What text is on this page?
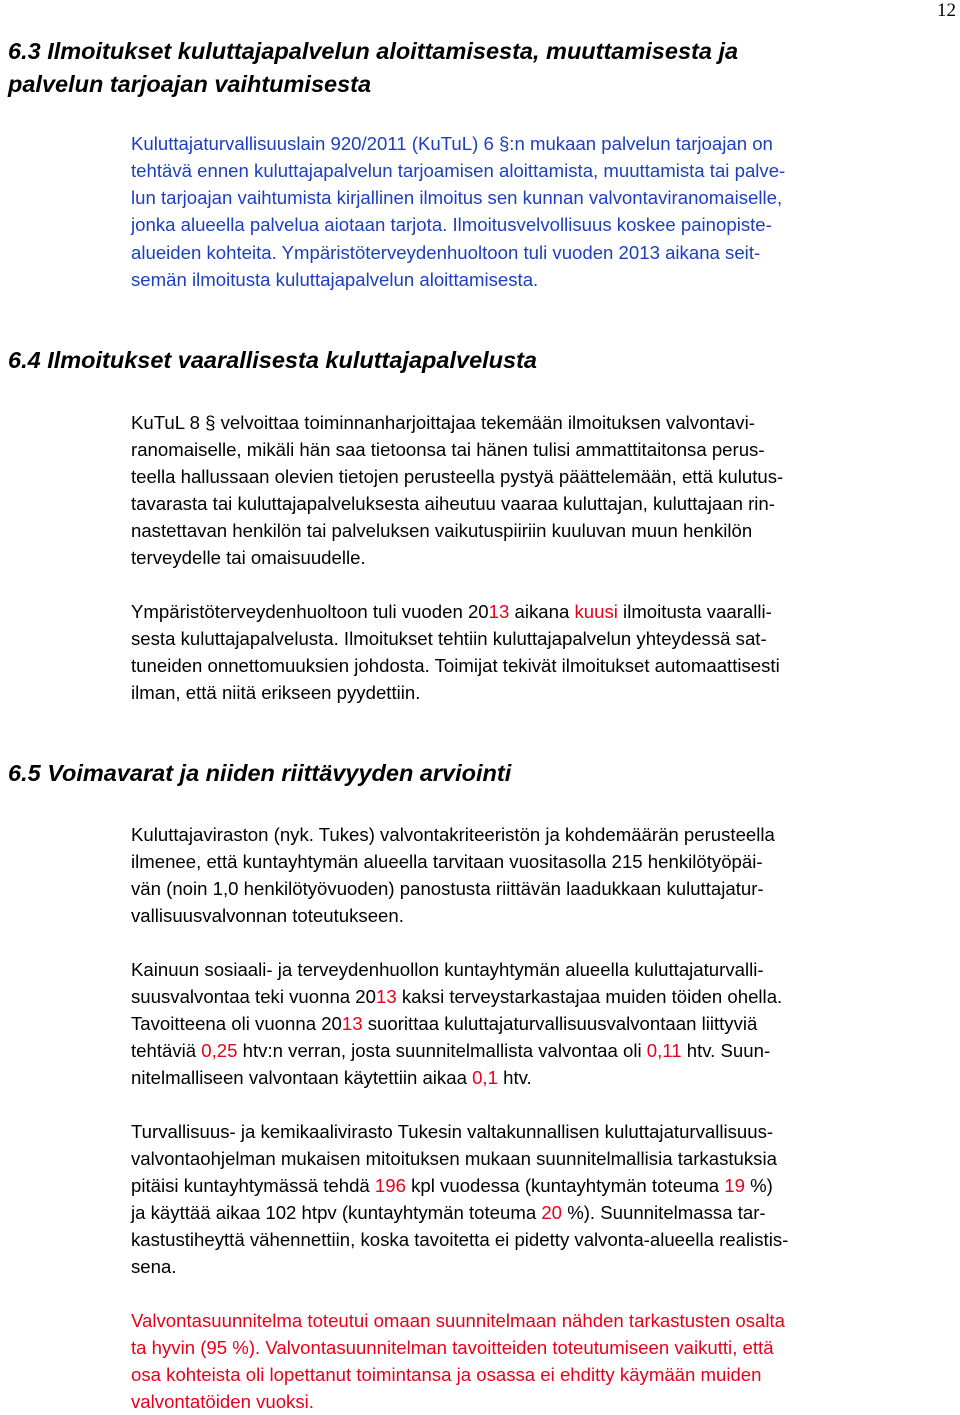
12
6.3 Ilmoitukset kuluttajapalvelun aloittamisesta, muuttamisesta ja
palvelun tarjoajan vaihtumisesta

Kuluttajaturvallisuuslain 920/2011 (KuTuL) 6 §:n mukaan palvelun tarjoajan on

tehtävä ennen kuluttajapalvelun tarjoamisen aloittamista, muuttamista tai palve-

lun tarjoajan vaihtumista kirjallinen ilmoitus sen kunnan valvontaviranomaiselle,

jonka alueella palvelua aiotaan tarjota. Ilmoitusvelvollisuus koskee painopiste-

alueiden kohteita. Ympäristöterveydenhuoltoon tuli vuoden 2013 aikana seit-

semän ilmoitusta kuluttajapalvelun aloittamisesta.

6.4 Ilmoitukset vaarallisesta kuluttajapalvelusta

KuTuL 8 § velvoittaa toiminnanharjoittajaa tekemään ilmoituksen valvontavi-

ranomaiselle, mikäli hän saa tietoonsa tai hänen tulisi ammattitaitonsa perus-

teella hallussaan olevien tietojen perusteella pystyä päättelemään, että kulutus-

tavarasta tai kuluttajapalveluksesta aiheutuu vaaraa kuluttajan, kuluttajaan rin-

nastettavan henkilön tai palveluksen vaikutuspiiriin kuuluvan muun henkilön

terveydelle tai omaisuudelle.

Ympäristöterveydenhuoltoon tuli vuoden 2013 aikana kuusi ilmoitusta vaaralli-

sesta kuluttajapalvelusta. Ilmoitukset tehtiin kuluttajapalvelun yhteydessä sat-

tuneiden onnettomuuksien johdosta. Toimijat tekivät ilmoitukset automaattisesti

ilman, että niitä erikseen pyydettiin.

6.5 Voimavarat ja niiden riittävyyden arviointi

Kuluttajaviraston (nyk. Tukes) valvontakriteeristön ja kohdemäärän perusteella

ilmenee, että kuntayhtymän alueella tarvitaan vuositasolla 215 henkilötyöpäi-

vän (noin 1,0 henkilötyövuoden) panostusta riittävän laadukkaan kuluttajatur-

vallisuusvalvonnan toteutukseen.

Kainuun sosiaali- ja terveydenhuollon kuntayhtymän alueella kuluttajaturvalli-

suusvalvontaa teki vuonna 2013 kaksi terveystarkastajaa muiden töiden ohella.

Tavoitteena oli vuonna 2013 suorittaa kuluttajaturvallisuusvalvontaan liittyviä

tehtäviä 0,25 htv:n verran, josta suunnitelmallista valvontaa oli 0,11 htv. Suun-

nitelmalliseen valvontaan käytettiin aikaa 0,1 htv.

Turvallisuus- ja kemikaalivirasto Tukesin valtakunnallisen kuluttajaturvallisuus-

valvontaohjelman mukaisen mitoituksen mukaan suunnitelmallisia tarkastuksia

pitäisi kuntayhtymässä tehdä 196 kpl vuodessa (kuntayhtymän toteuma 19 %)

ja käyttää aikaa 102 htpv (kuntayhtymän toteuma 20 %). Suunnitelmassa tar-

kastustiheyttä vähennettiin, koska tavoitetta ei pidetty valvonta-alueella realistis-

sena.

Valvontasuunnitelma toteutui omaan suunnitelmaan nähden tarkastusten osalta

ta hyvin (95 %). Valvontasuunnitelman tavoitteiden toteutumiseen vaikutti, että

osa kohteista oli lopettanut toimintansa ja osassa ei ehditty käymään muiden

valvontatöiden vuoksi.
